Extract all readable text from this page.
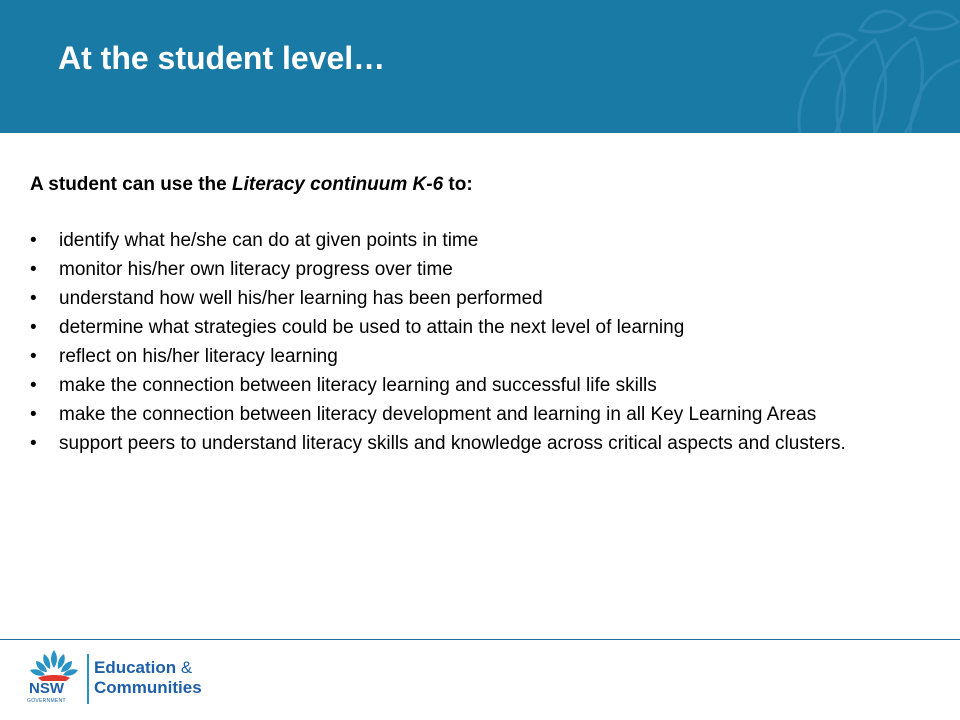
At the student level…

A student can use the Literacy continuum K-6 to:

• identify what he/she can do at given points in time
• monitor his/her own literacy progress over time
• understand how well his/her learning has been performed
• determine what strategies could be used to attain the next level of learning
• reflect on his/her literacy learning
• make the connection between literacy learning and successful life skills
• make the connection between literacy development and learning in all Key Learning Areas
• support peers to understand literacy skills and knowledge across critical aspects and clusters.
NSW
GOVERNMENT
Education &
Communities
